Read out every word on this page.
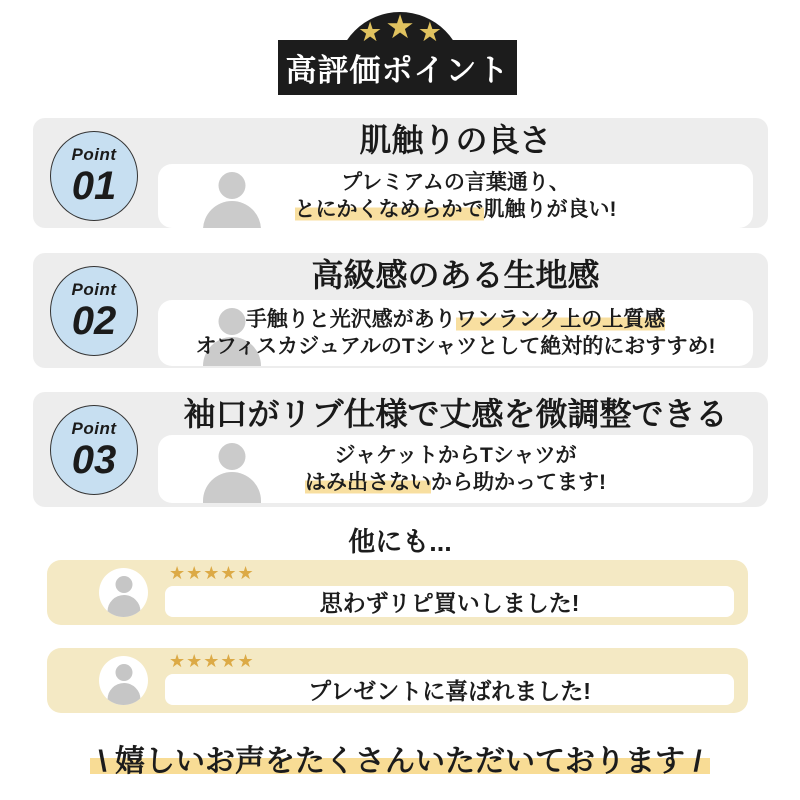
★ ★ ★
高評価ポイント
Point
01
肌触りの良さ
プレミアムの言葉通り、
とにかくなめらかで肌触りが良い!
Point
02
高級感のある生地感
手触りと光沢感がありワンランク上の上質感
オフィスカジュアルのTシャツとして絶対的におすすめ!
Point
03
袖口がリブ仕様で丈感を微調整できる
ジャケットからTシャツが
はみ出さないから助かってます!
他にも...
★★★★★
思わずリピ買いしました!
★★★★★
プレゼントに喜ばれました!
\ 嬉しいお声をたくさんいただいております /
